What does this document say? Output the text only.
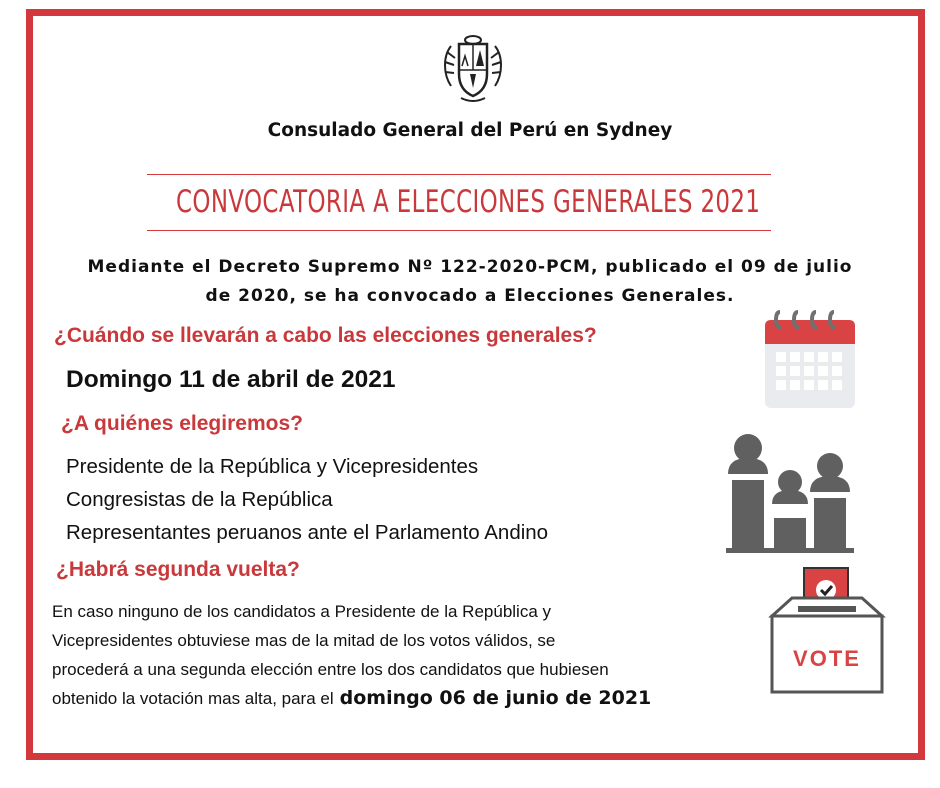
Consulado General del Perú en Sydney
CONVOCATORIA A ELECCIONES GENERALES 2021
Mediante el Decreto Supremo Nº 122-2020-PCM, publicado el 09 de julio
de 2020, se ha convocado a Elecciones Generales.
¿Cuándo se llevarán a cabo las elecciones generales?
Domingo 11 de abril de 2021
¿A quiénes elegiremos?
Presidente de la República y Vicepresidentes
Congresistas de la República
Representantes peruanos ante el Parlamento Andino
¿Habrá segunda vuelta?
En caso ninguno de los candidatos a Presidente de la República y
Vicepresidentes obtuviese mas de la mitad de los votos válidos, se
procederá a una segunda elección entre los dos candidatos que hubiesen
obtenido la votación mas alta, para el domingo 06 de junio de 2021
VOTE
